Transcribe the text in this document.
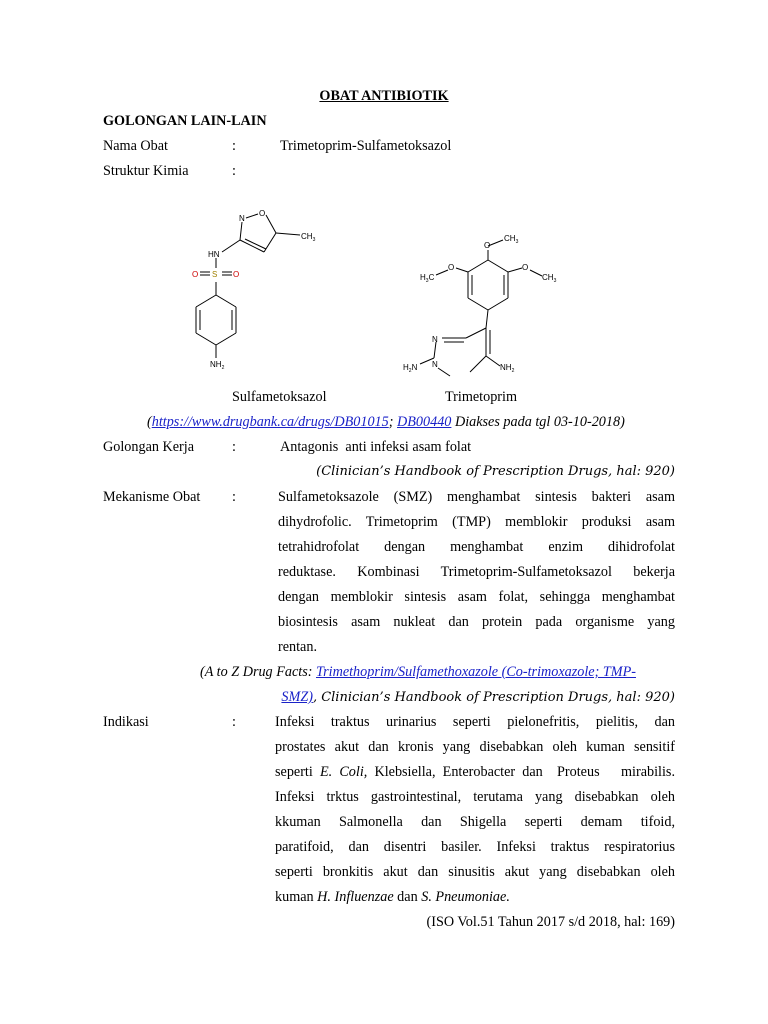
OBAT ANTIBIOTIK
GOLONGAN LAIN-LAIN
Nama Obat	:	Trimetoprim-Sulfametoksazol
Struktur Kimia	:
N
O
$CH_3$
HN
O S O
$NH_2$
O
$CH_3$
O
$H_3C$
O
$CH_3$
N
N
$H_2N$	$NH_2$
Sulfametoksazol	Trimetoprim
(https://www.drugbank.ca/drugs/DB01015; DB00440 Diakses pada tgl 03-10-2018)
Golongan Kerja	:	Antagonis  anti infeksi asam folat
(Clinician’s Handbook of Prescription Drugs, hal: 920)
Mekanisme Obat :	Sulfametoksazole (SMZ) menghambat sintesis bakteri asam
dihydrofolic. Trimetoprim (TMP) memblokir produksi asam
tetrahidrofolat dengan menghambat enzim dihidrofolat
reduktase. Kombinasi Trimetoprim-Sulfametoksazol bekerja
dengan memblokir sintesis asam folat, sehingga menghambat
biosintesis asam nukleat dan protein pada organisme yang
rentan.
(A to Z Drug Facts: Trimethoprim/Sulfamethoxazole (Co-trimoxazole; TMP-
SMZ), Clinician’s Handbook of Prescription Drugs, hal: 920)
Indikasi	:	Infeksi traktus urinarius seperti pielonefritis, pielitis, dan
prostates akut dan kronis yang disebabkan oleh kuman sensitif
seperti E. Coli, Klebsiella, Enterobacter dan  Proteus   mirabilis.
Infeksi trktus gastrointestinal, terutama yang disebabkan oleh
kkuman Salmonella dan Shigella seperti demam tifoid,
paratifoid, dan disentri basiler. Infeksi traktus respiratorius
seperti bronkitis akut dan sinusitis akut yang disebabkan oleh
kuman H. Influenzae dan S. Pneumoniae.
(ISO Vol.51 Tahun 2017 s/d 2018, hal: 169)
